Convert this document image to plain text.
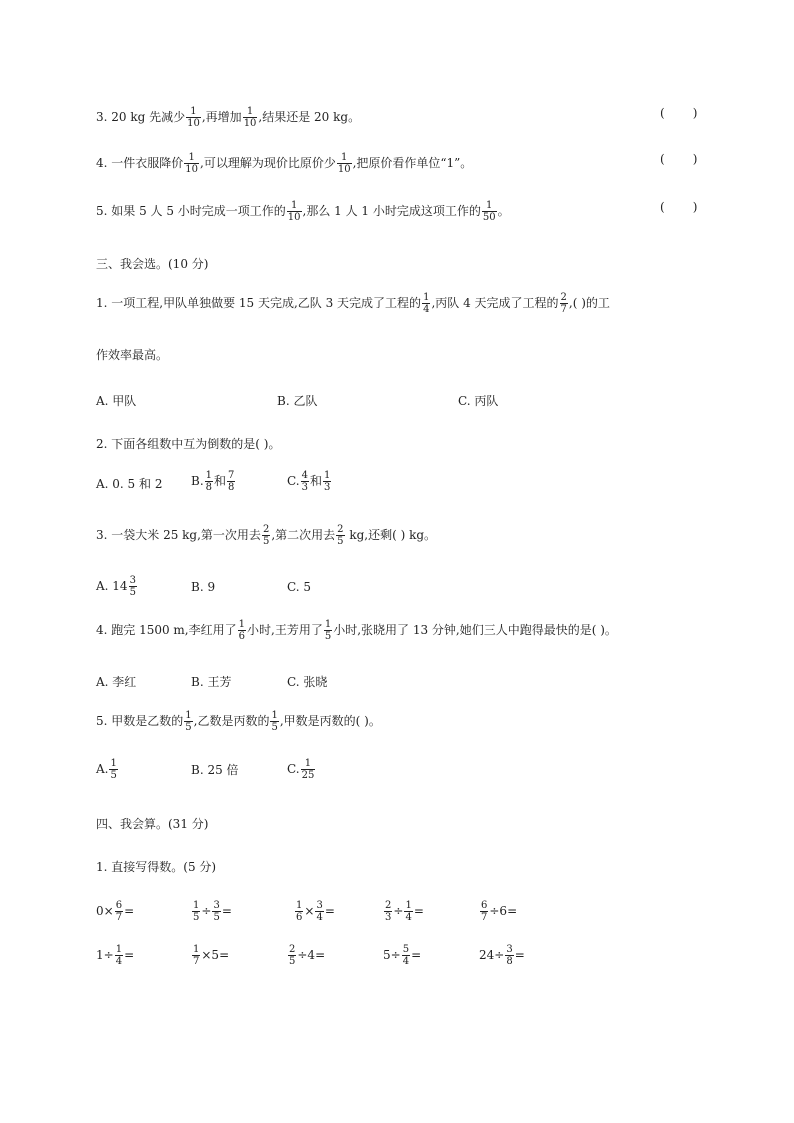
3. 20 kg 先减少 $\frac{1}{10}$ ,再增加 $\frac{1}{10}$ ,结果还是 20 kg。	( )
4. 一件衣服降价 $\frac{1}{10}$ ,可以理解为现价比原价少 $\frac{1}{10}$ ,把原价看作单位“1”。	( )
5. 如果 5 人 5 小时完成一项工作的 $\frac{1}{10}$ ,那么 1 人 1 小时完成这项工作的 $\frac{1}{50}$ 。	( )
三、我会选。(10 分)
1. 一项工程,甲队单独做要 15 天完成,乙队 3 天完成了工程的 $\frac{1}{4}$ ,丙队 4 天完成了工程的 $\frac{2}{7}$ ,( )的工
作效率最高。
A. 甲队	B. 乙队	C. 丙队
2. 下面各组数中互为倒数的是( )。
A. 0. 5 和 2 B. $\frac{1}{8}$ 和 $\frac{7}{8}$	C. $\frac{4}{3}$ 和 $\frac{1}{3}$
3. 一袋大米 25 kg,第一次用去 $\frac{2}{5}$ ,第二次用去 $\frac{2}{5}$ kg,还剩( ) kg。
A. $14 \frac{3}{5}$	B. 9	C. 5
4. 跑完 1500 m,李红用了 $\frac{1}{6}$ 小时,王芳用了 $\frac{1}{5}$ 小时,张晓用了 13 分钟,她们三人中跑得最快的是( )。
A. 李红	B. 王芳	C. 张晓
5. 甲数是乙数的 $\frac{1}{5}$ ,乙数是丙数的 $\frac{1}{5}$ ,甲数是丙数的( )。
A. $\frac{1}{5}$	B. 25 倍	C. $\frac{1}{25}$
四、我会算。(31 分)
1. 直接写得数。(5 分)
$0\times \frac{6}{7}$ =	$\frac{1}{5} \div \frac{3}{5}$ =	$\frac{1}{6} \times \frac{3}{4}$ =	$\frac{2}{3} \div \frac{1}{4}$ =	$\frac{6}{7} \div 6=$
$1\div \frac{1}{4}$ =	$\frac{1}{7} \times 5=$	$\frac{2}{5} \div 4=$	$5\div \frac{5}{4}$ =	$24\div \frac{3}{8}$ =
